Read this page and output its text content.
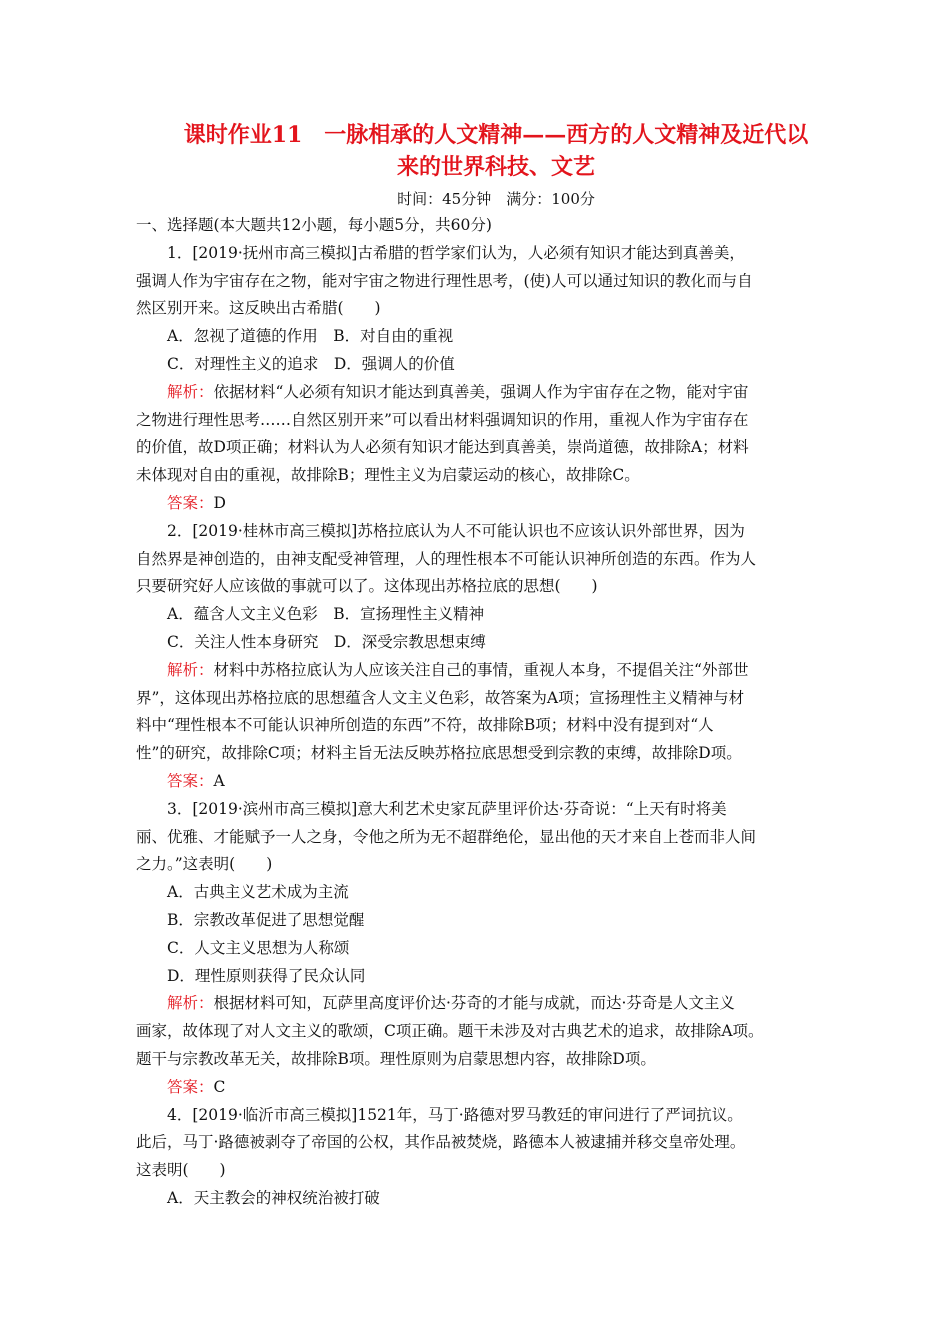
课时作业11　一脉相承的人文精神——西方的人文精神及近代以
来的世界科技、文艺
时间：45分钟　满分：100分
一、选择题(本大题共12小题，每小题5分，共60分)
1．[2019·抚州市高三模拟]古希腊的哲学家们认为，人必须有知识才能达到真善美，
强调人作为宇宙存在之物，能对宇宙之物进行理性思考，(使)人可以通过知识的教化而与自
然区别开来。这反映出古希腊(　　)
A．忽视了道德的作用　B．对自由的重视
C．对理性主义的追求　D．强调人的价值
解析：依据材料“人必须有知识才能达到真善美，强调人作为宇宙存在之物，能对宇宙
之物进行理性思考……自然区别开来”可以看出材料强调知识的作用，重视人作为宇宙存在
的价值，故D项正确；材料认为人必须有知识才能达到真善美，崇尚道德，故排除A；材料
未体现对自由的重视，故排除B；理性主义为启蒙运动的核心，故排除C。
答案：D
2．[2019·桂林市高三模拟]苏格拉底认为人不可能认识也不应该认识外部世界，因为
自然界是神创造的，由神支配受神管理，人的理性根本不可能认识神所创造的东西。作为人
只要研究好人应该做的事就可以了。这体现出苏格拉底的思想(　　)
A．蕴含人文主义色彩　B．宣扬理性主义精神
C．关注人性本身研究　D．深受宗教思想束缚
解析：材料中苏格拉底认为人应该关注自己的事情，重视人本身，不提倡关注“外部世
界”，这体现出苏格拉底的思想蕴含人文主义色彩，故答案为A项；宣扬理性主义精神与材
料中“理性根本不可能认识神所创造的东西”不符，故排除B项；材料中没有提到对“人
性”的研究，故排除C项；材料主旨无法反映苏格拉底思想受到宗教的束缚，故排除D项。
答案：A
3．[2019·滨州市高三模拟]意大利艺术史家瓦萨里评价达·芬奇说：“上天有时将美
丽、优雅、才能赋予一人之身，令他之所为无不超群绝伦，显出他的天才来自上苍而非人间
之力。”这表明(　　)
A．古典主义艺术成为主流
B．宗教改革促进了思想觉醒
C．人文主义思想为人称颂
D．理性原则获得了民众认同
解析：根据材料可知，瓦萨里高度评价达·芬奇的才能与成就，而达·芬奇是人文主义
画家，故体现了对人文主义的歌颂，C项正确。题干未涉及对古典艺术的追求，故排除A项。
题干与宗教改革无关，故排除B项。理性原则为启蒙思想内容，故排除D项。
答案：C
4．[2019·临沂市高三模拟]1521年，马丁·路德对罗马教廷的审问进行了严词抗议。
此后，马丁·路德被剥夺了帝国的公权，其作品被焚烧，路德本人被逮捕并移交皇帝处理。
这表明(　　)
A．天主教会的神权统治被打破
